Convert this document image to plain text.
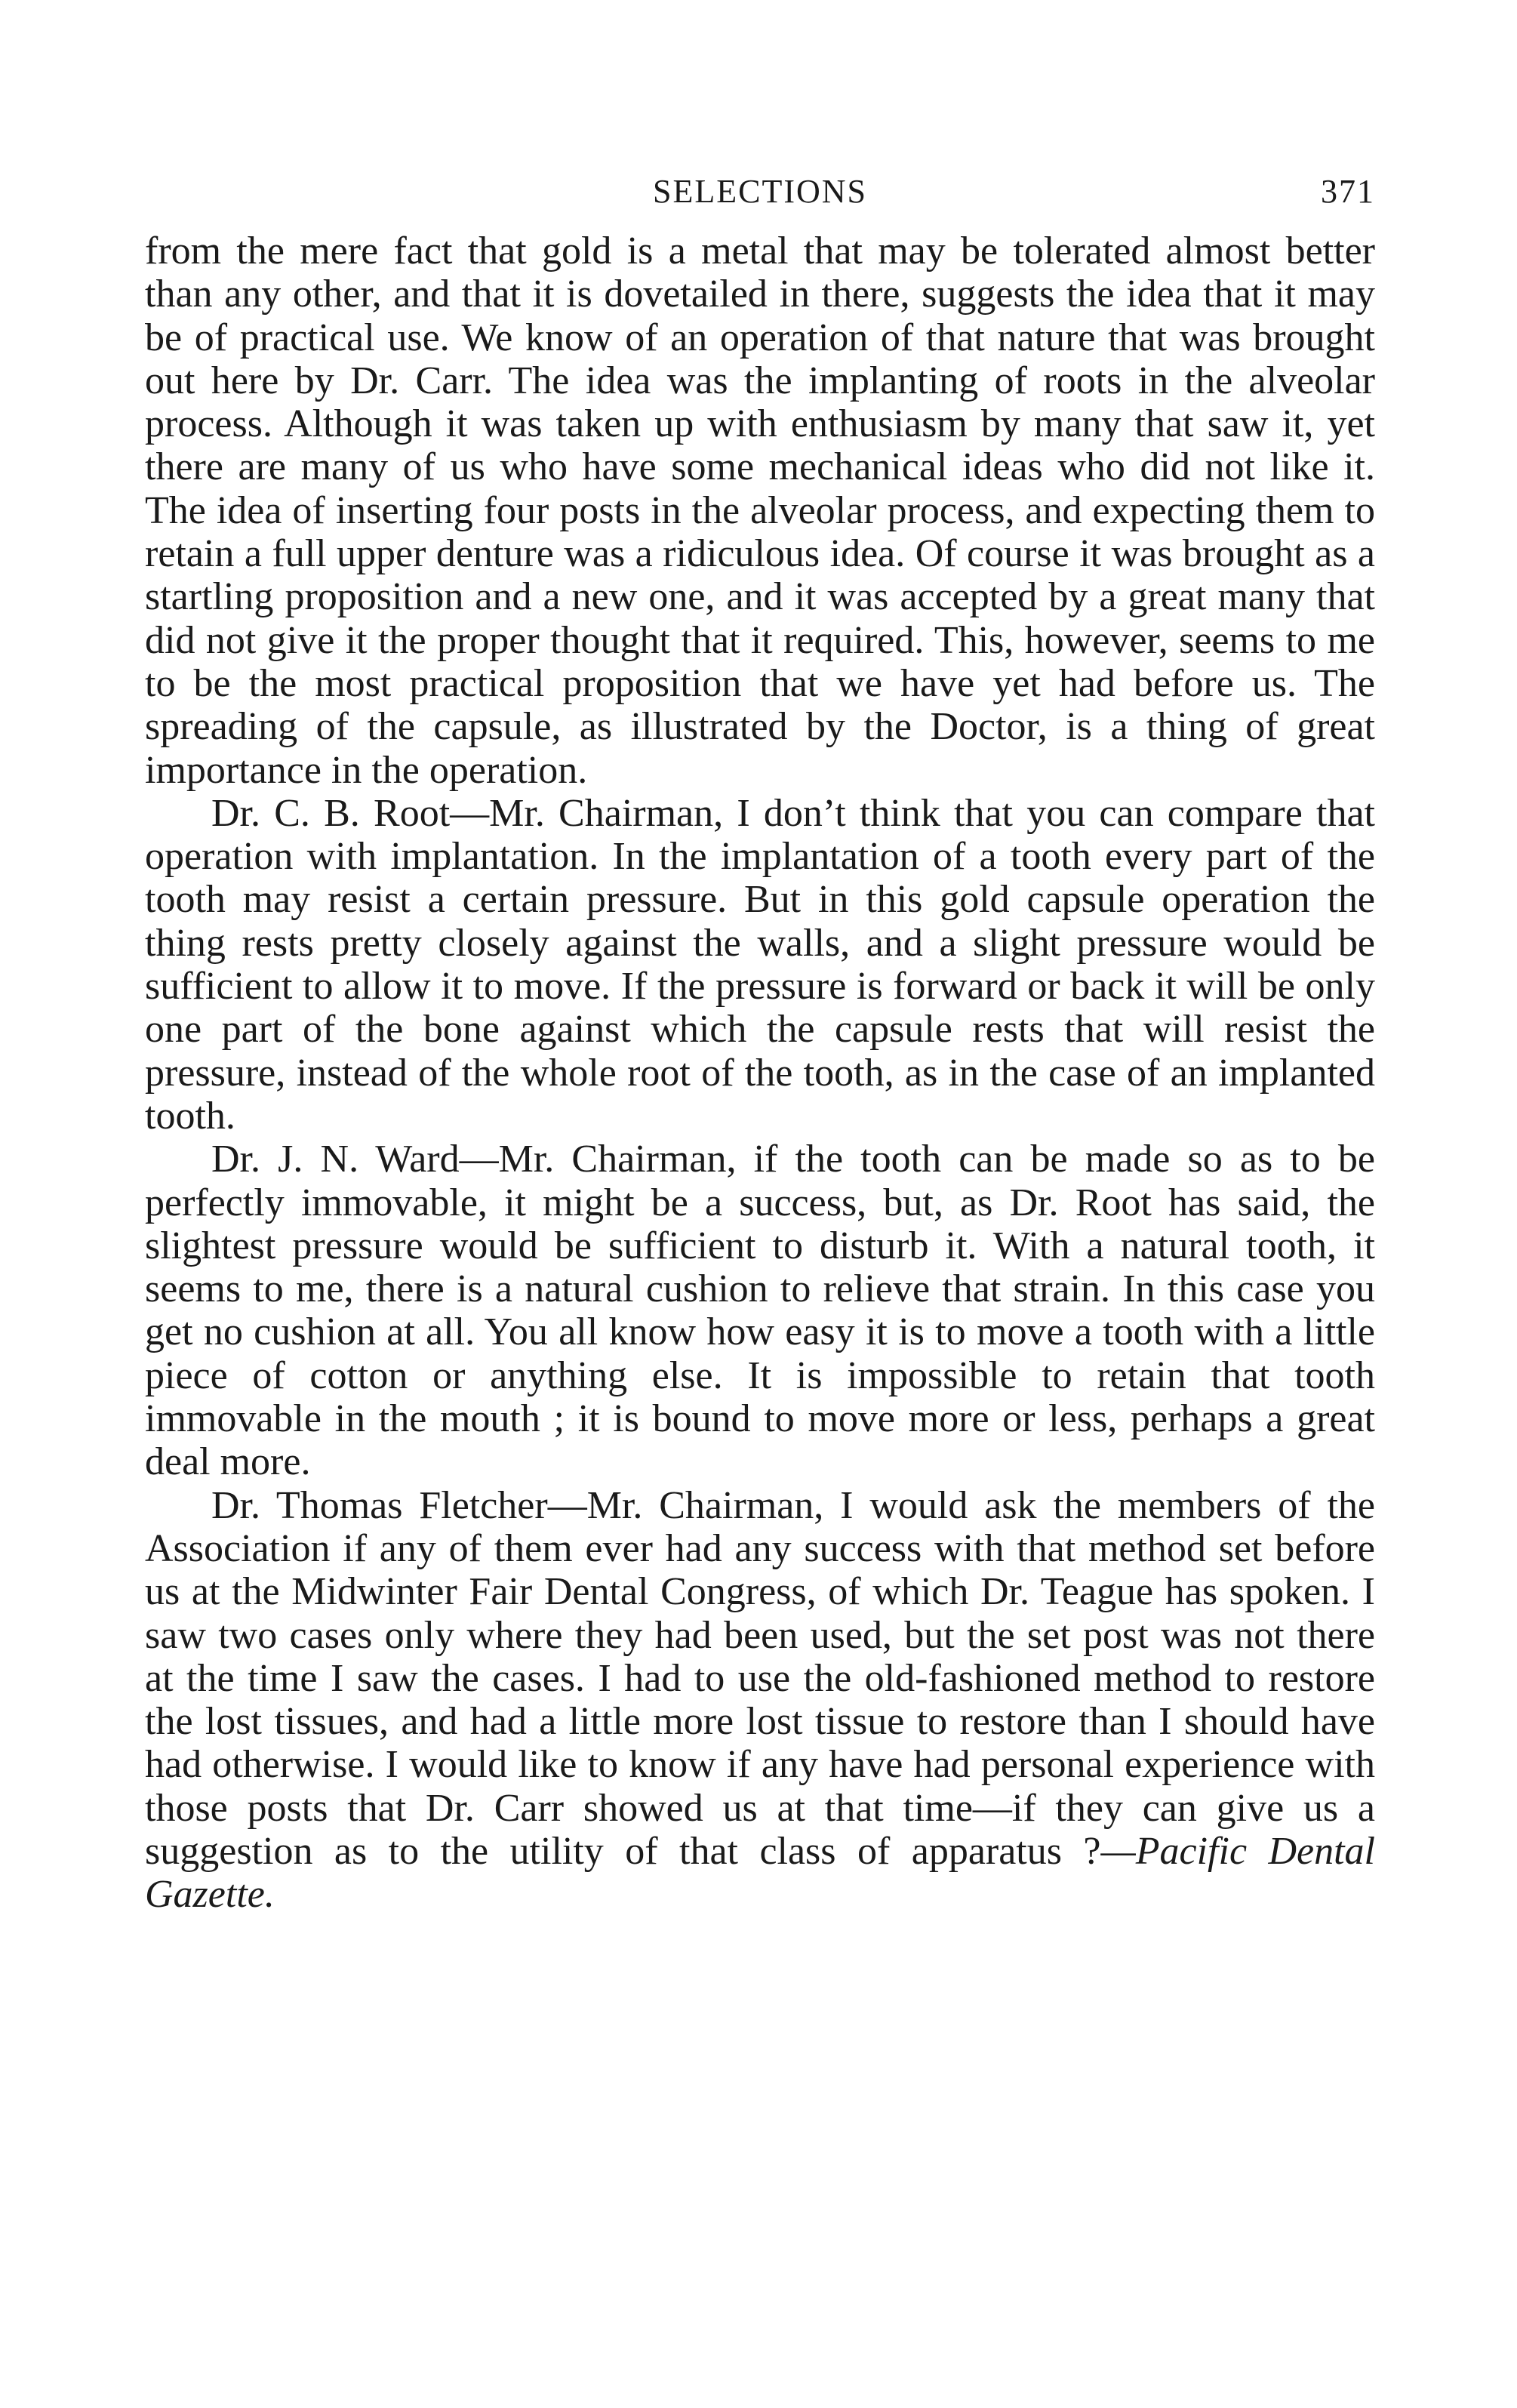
SELECTIONS	371

from the mere fact that gold is a metal that may be tolerated almost better than any other, and that it is dovetailed in there, suggests the idea that it may be of practical use. We know of an operation of that nature that was brought out here by Dr. Carr. The idea was the implanting of roots in the alveolar process. Although it was taken up with enthusiasm by many that saw it, yet there are many of us who have some mechanical ideas who did not like it. The idea of inserting four posts in the alveolar process, and expecting them to retain a full upper denture was a ridiculous idea. Of course it was brought as a startling proposition and a new one, and it was accepted by a great many that did not give it the proper thought that it required. This, however, seems to me to be the most practical proposition that we have yet had before us. The spreading of the capsule, as illustrated by the Doctor, is a thing of great importance in the operation.

Dr. C. B. Root—Mr. Chairman, I don’t think that you can compare that operation with implantation. In the implantation of a tooth every part of the tooth may resist a certain pressure. But in this gold capsule operation the thing rests pretty closely against the walls, and a slight pressure would be sufficient to allow it to move. If the pressure is forward or back it will be only one part of the bone against which the capsule rests that will resist the pressure, instead of the whole root of the tooth, as in the case of an implanted tooth.

Dr. J. N. Ward—Mr. Chairman, if the tooth can be made so as to be perfectly immovable, it might be a success, but, as Dr. Root has said, the slightest pressure would be sufficient to disturb it. With a natural tooth, it seems to me, there is a natural cushion to relieve that strain. In this case you get no cushion at all. You all know how easy it is to move a tooth with a little piece of cotton or anything else. It is impossible to retain that tooth immovable in the mouth ; it is bound to move more or less, perhaps a great deal more.

Dr. Thomas Fletcher—Mr. Chairman, I would ask the members of the Association if any of them ever had any success with that method set before us at the Midwinter Fair Dental Congress, of which Dr. Teague has spoken. I saw two cases only where they had been used, but the set post was not there at the time I saw the cases. I had to use the old-fashioned method to restore the lost tissues, and had a little more lost tissue to restore than I should have had otherwise. I would like to know if any have had personal experience with those posts that Dr. Carr showed us at that time—if they can give us a suggestion as to the utility of that class of apparatus ?—Pacific Dental Gazette.
